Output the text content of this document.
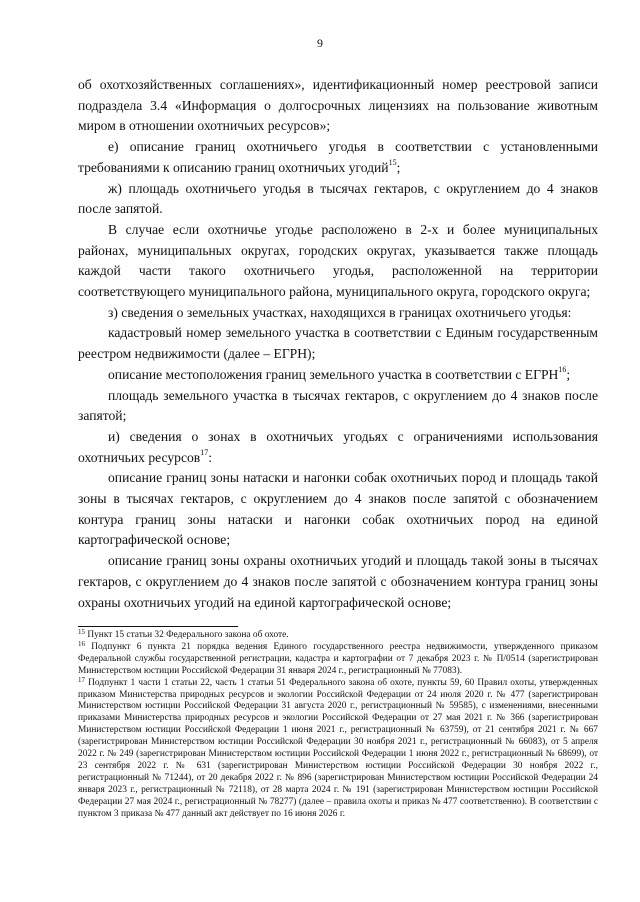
9

об охотхозяйственных соглашениях», идентификационный номер реестровой записи подраздела 3.4 «Информация о долгосрочных лицензиях на пользование животным миром в отношении охотничьих ресурсов»;

е) описание границ охотничьего угодья в соответствии с установленными требованиями к описанию границ охотничьих угодий$^{15}$;

ж) площадь охотничьего угодья в тысячах гектаров, с округлением до 4 знаков после запятой.

В случае если охотничье угодье расположено в 2-х и более муниципальных районах, муниципальных округах, городских округах, указывается также площадь каждой части такого охотничьего угодья, расположенной на территории соответствующего муниципального района, муниципального округа, городского округа;

з) сведения о земельных участках, находящихся в границах охотничьего угодья:

кадастровый номер земельного участка в соответствии с Единым государственным реестром недвижимости (далее – ЕГРН);

описание местоположения границ земельного участка в соответствии с ЕГРН$^{16}$;

площадь земельного участка в тысячах гектаров, с округлением до 4 знаков после запятой;

и) сведения о зонах в охотничьих угодьях с ограничениями использования охотничьих ресурсов$^{17}$:

описание границ зоны натаски и нагонки собак охотничьих пород и площадь такой зоны в тысячах гектаров, с округлением до 4 знаков после запятой с обозначением контура границ зоны натаски и нагонки собак охотничьих пород на единой картографической основе;

описание границ зоны охраны охотничьих угодий и площадь такой зоны в тысячах гектаров, с округлением до 4 знаков после запятой с обозначением контура границ зоны охраны охотничьих угодий на единой картографической основе;

$^{15}$ Пункт 15 статьи 32 Федерального закона об охоте.

$^{16}$ Подпункт 6 пункта 21 порядка ведения Единого государственного реестра недвижимости, утвержденного приказом Федеральной службы государственной регистрации, кадастра и картографии от 7 декабря 2023 г. № П/0514 (зарегистрирован Министерством юстиции Российской Федерации 31 января 2024 г., регистрационный № 77083).

$^{17}$ Подпункт 1 части 1 статьи 22, часть 1 статьи 51 Федерального закона об охоте, пункты 59, 60 Правил охоты, утвержденных приказом Министерства природных ресурсов и экологии Российской Федерации от 24 июля 2020 г. № 477 (зарегистрирован Министерством юстиции Российской Федерации 31 августа 2020 г., регистрационный № 59585), с изменениями, внесенными приказами Министерства природных ресурсов и экологии Российской Федерации от 27 мая 2021 г. № 366 (зарегистрирован Министерством юстиции Российской Федерации 1 июня 2021 г., регистрационный № 63759), от 21 сентября 2021 г. № 667 (зарегистрирован Министерством юстиции Российской Федерации 30 ноября 2021 г., регистрационный № 66083), от 5 апреля 2022 г. № 249 (зарегистрирован Министерством юстиции Российской Федерации 1 июня 2022 г., регистрационный № 68699), от 23 сентября 2022 г. № 631 (зарегистрирован Министерством юстиции Российской Федерации 30 ноября 2022 г., регистрационный № 71244), от 20 декабря 2022 г. № 896 (зарегистрирован Министерством юстиции Российской Федерации 24 января 2023 г., регистрационный № 72118), от 28 марта 2024 г. № 191 (зарегистрирован Министерством юстиции Российской Федерации 27 мая 2024 г., регистрационный № 78277) (далее – правила охоты и приказ № 477 соответственно). В соответствии с пунктом 3 приказа № 477 данный акт действует по 16 июня 2026 г.
